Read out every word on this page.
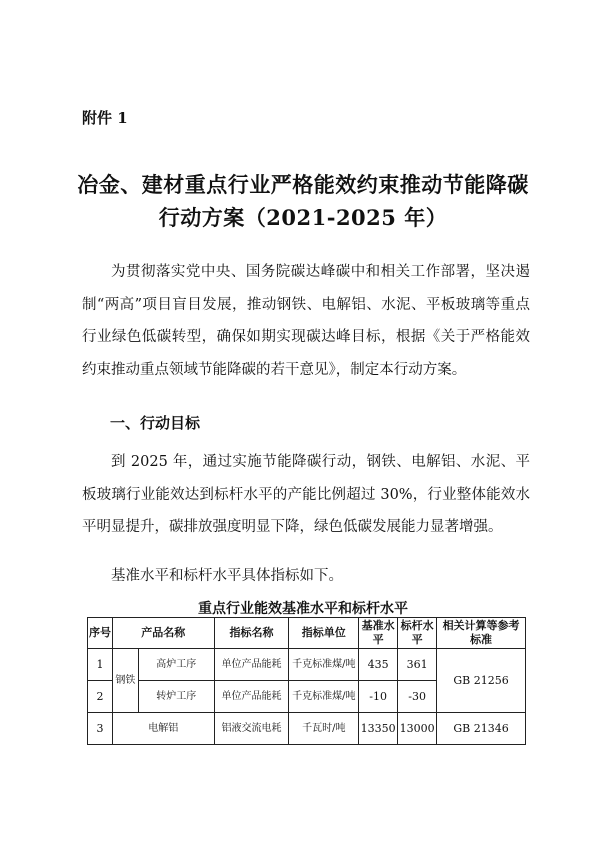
附件 1
冶金、建材重点行业严格能效约束推动节能降碳
行动方案（2021-2025 年）
为贯彻落实党中央、国务院碳达峰碳中和相关工作部署，坚决遏制“两高”项目盲目发展，推动钢铁、电解铝、水泥、平板玻璃等重点行业绿色低碳转型，确保如期实现碳达峰目标，根据《关于严格能效约束推动重点领域节能降碳的若干意见》，制定本行动方案。
一、行动目标
到 2025 年，通过实施节能降碳行动，钢铁、电解铝、水泥、平板玻璃行业能效达到标杆水平的产能比例超过 30%，行业整体能效水平明显提升，碳排放强度明显下降，绿色低碳发展能力显著增强。
基准水平和标杆水平具体指标如下。
重点行业能效基准水平和标杆水平
序号	产品名称		指标名称	指标单位	基准水平	标杆水平	相关计算等参考标准
1	钢铁	高炉工序	单位产品能耗	千克标准煤/吨	435	361	GB 21256
2		转炉工序	单位产品能耗	千克标准煤/吨	-10	-30	
3	电解铝		铝液交流电耗	千瓦时/吨	13350	13000	GB 21346
